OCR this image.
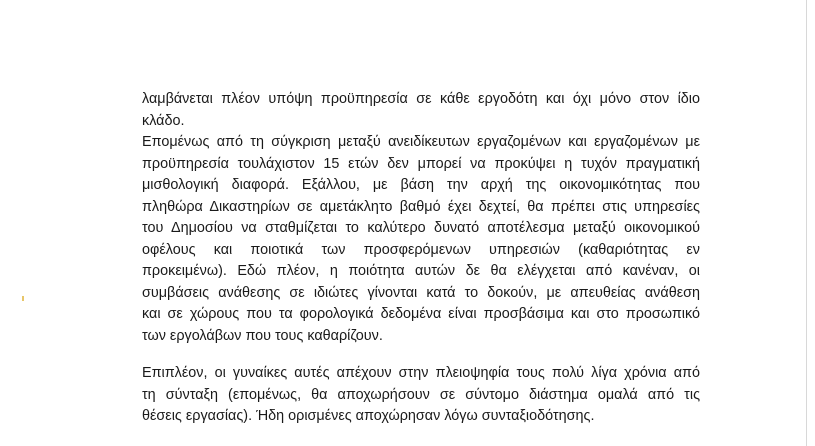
λαμβάνεται πλέον υπόψη προϋπηρεσία σε κάθε εργοδότη και όχι μόνο στον ίδιο
κλάδο.
Επομένως από τη σύγκριση μεταξύ ανειδίκευτων εργαζομένων και εργαζομένων με
προϋπηρεσία τουλάχιστον 15 ετών δεν μπορεί να προκύψει η τυχόν πραγματική
μισθολογική διαφορά. Εξάλλου, με βάση την αρχή της οικονομικότητας που
πληθώρα Δικαστηρίων σε αμετάκλητο βαθμό έχει δεχτεί, θα πρέπει στις υπηρεσίες
του Δημοσίου να σταθμίζεται το καλύτερο δυνατό αποτέλεσμα μεταξύ οικονομικού
οφέλους και ποιοτικά των προσφερόμενων υπηρεσιών (καθαριότητας εν
προκειμένω). Εδώ πλέον, η ποιότητα αυτών δε θα ελέγχεται από κανέναν, οι
συμβάσεις ανάθεσης σε ιδιώτες γίνονται κατά το δοκούν, με απευθείας ανάθεση
και σε χώρους που τα φορολογικά δεδομένα είναι προσβάσιμα και στο προσωπικό
των εργολάβων που τους καθαρίζουν.
Επιπλέον, οι γυναίκες αυτές απέχουν στην πλειοψηφία τους πολύ λίγα χρόνια από
τη σύνταξη (επομένως, θα αποχωρήσουν σε σύντομο διάστημα ομαλά από τις
θέσεις εργασίας). Ήδη ορισμένες αποχώρησαν λόγω συνταξιοδότησης.
